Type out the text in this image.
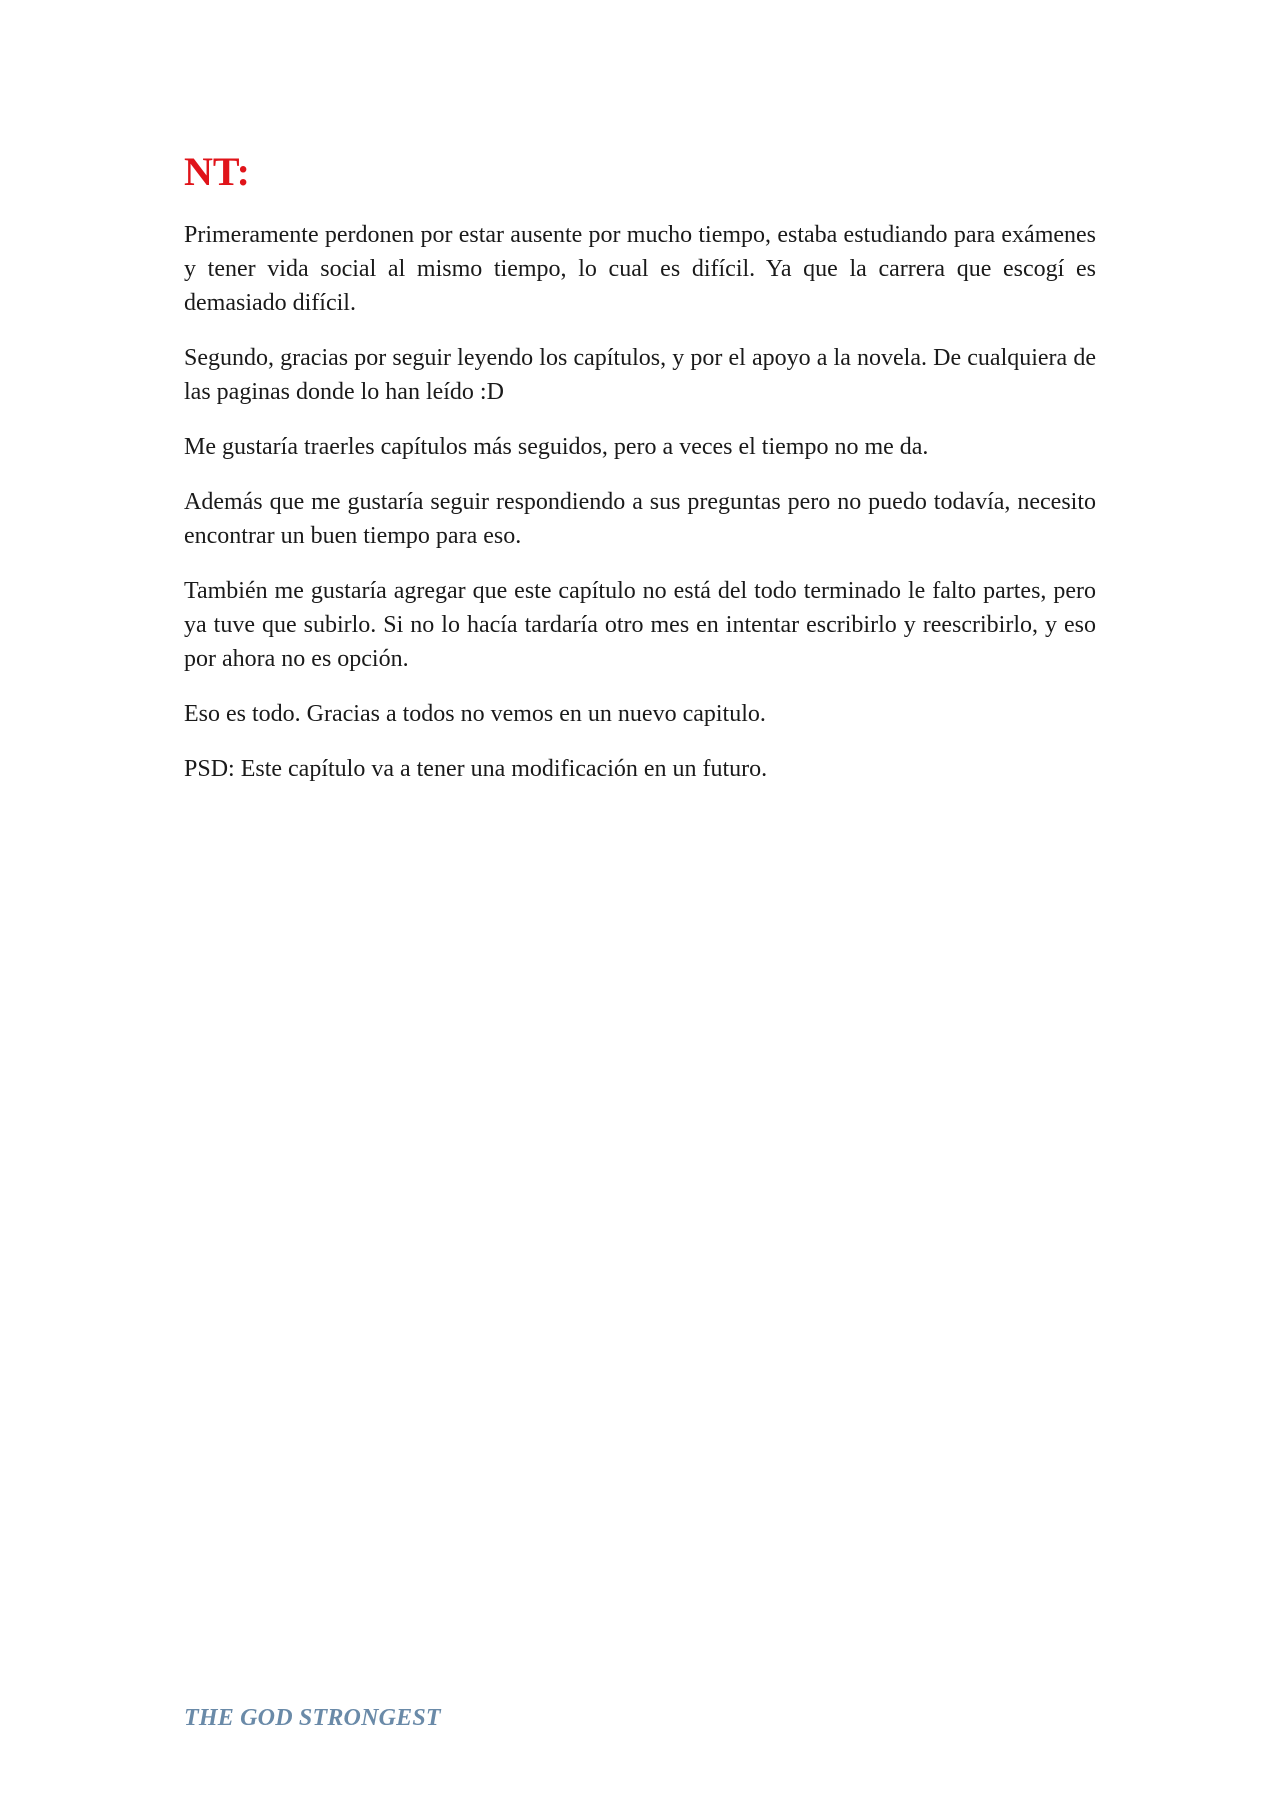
NT:

Primeramente perdonen por estar ausente por mucho tiempo, estaba estudiando para exámenes y tener vida social al mismo tiempo, lo cual es difícil. Ya que la carrera que escogí es demasiado difícil.

Segundo, gracias por seguir leyendo los capítulos, y por el apoyo a la novela. De cualquiera de las paginas donde lo han leído :D

Me gustaría traerles capítulos más seguidos, pero a veces el tiempo no me da.

Además que me gustaría seguir respondiendo a sus preguntas pero no puedo todavía, necesito encontrar un buen tiempo para eso.

También me gustaría agregar que este capítulo no está del todo terminado le falto partes, pero ya tuve que subirlo. Si no lo hacía tardaría otro mes en intentar escribirlo y reescribirlo, y eso por ahora no es opción.

Eso es todo. Gracias a todos no vemos en un nuevo capitulo.

PSD: Este capítulo va a tener una modificación en un futuro.

THE GOD STRONGEST
